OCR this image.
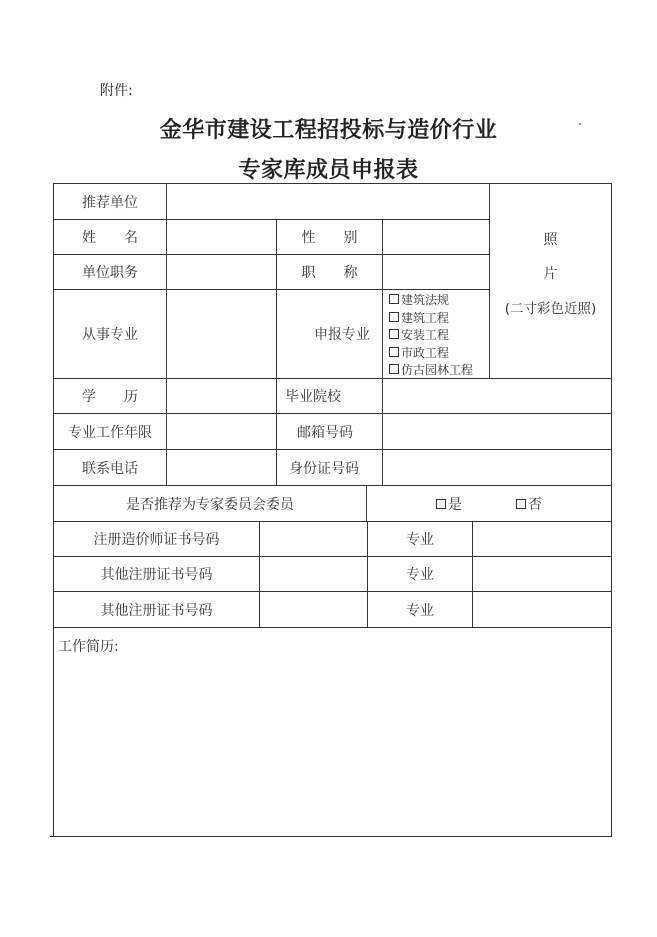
附件:
金华市建设工程招投标与造价行业
专家库成员申报表
推荐单位
姓　　名	性　　别
单位职务	职　　称
从事专业	申报专业
建筑法规
建筑工程
安装工程
市政工程
仿古园林工程
照
片
(二寸彩色近照)
学　　历	毕业院校
专业工作年限	邮箱号码
联系电话	身份证号码
是否推荐为专家委员会委员	是	否
注册造价师证书号码	专业
其他注册证书号码	专业
其他注册证书号码	专业
工作简历:
